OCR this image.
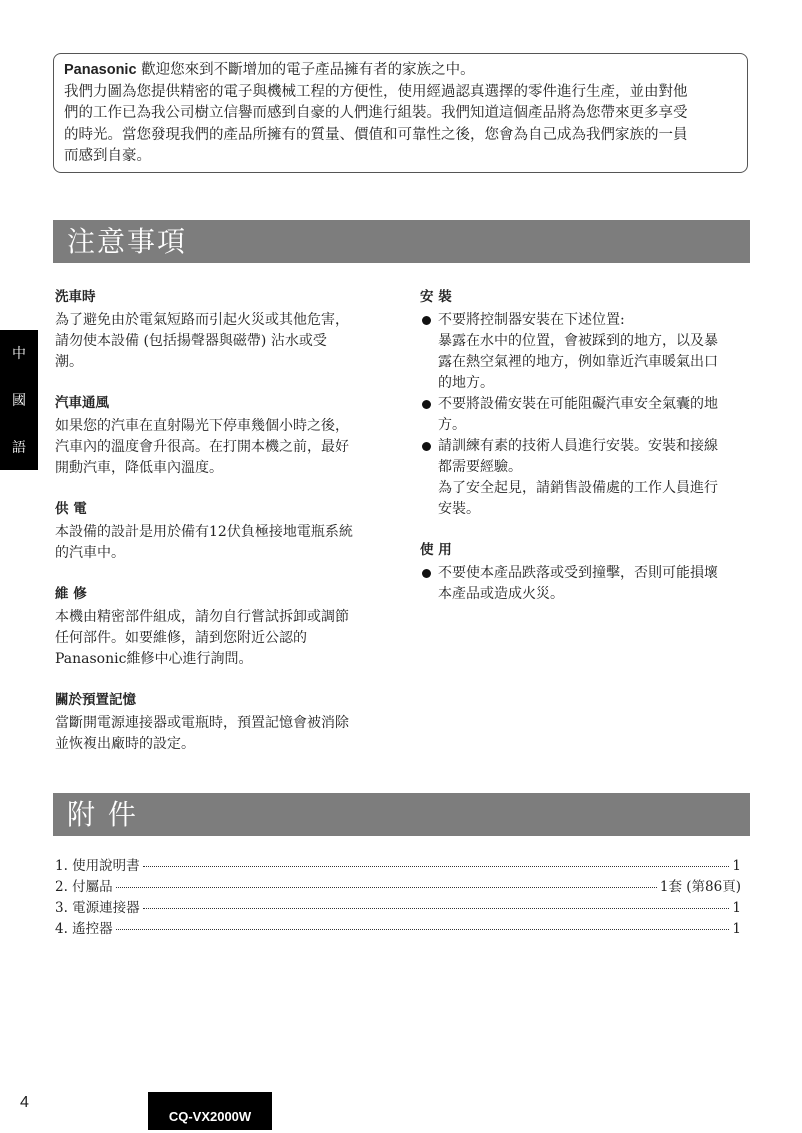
Panasonic 歡迎您來到不斷增加的電子產品擁有者的家族之中。
我們力圖為您提供精密的電子與機械工程的方便性，使用經過認真選擇的零件進行生產，並由對他
們的工作已為我公司樹立信譽而感到自豪的人們進行組裝。我們知道這個產品將為您帶來更多享受
的時光。當您發現我們的產品所擁有的質量、價值和可靠性之後，您會為自己成為我們家族的一員
而感到自豪。
注意事項
中
國
語
洗車時
為了避免由於電氣短路而引起火災或其他危害，
請勿使本設備 (包括揚聲器與磁帶) 沾水或受
潮。
汽車通風
如果您的汽車在直射陽光下停車幾個小時之後，
汽車內的溫度會升很高。在打開本機之前，最好
開動汽車，降低車內溫度。
供 電
本設備的設計是用於備有12伏負極接地電瓶系統
的汽車中。
維 修
本機由精密部件組成，請勿自行嘗試拆卸或調節
任何部件。如要維修，請到您附近公認的
Panasonic維修中心進行詢問。
關於預置記憶
當斷開電源連接器或電瓶時，預置記憶會被消除
並恢複出廠時的設定。
安 裝
不要將控制器安裝在下述位置:
暴露在水中的位置，會被踩到的地方，以及暴
露在熱空氣裡的地方，例如靠近汽車暖氣出口
的地方。
不要將設備安裝在可能阻礙汽車安全氣囊的地
方。
請訓練有素的技術人員進行安裝。安裝和接線
都需要經驗。
為了安全起見，請銷售設備處的工作人員進行
安裝。
使 用
不要使本產品跌落或受到撞擊，否則可能損壞
本產品或造成火災。
附 件
1. 使用說明書	1
2. 付屬品	1套 (第86頁)
3. 電源連接器	1
4. 遙控器	1
4
CQ-VX2000W
